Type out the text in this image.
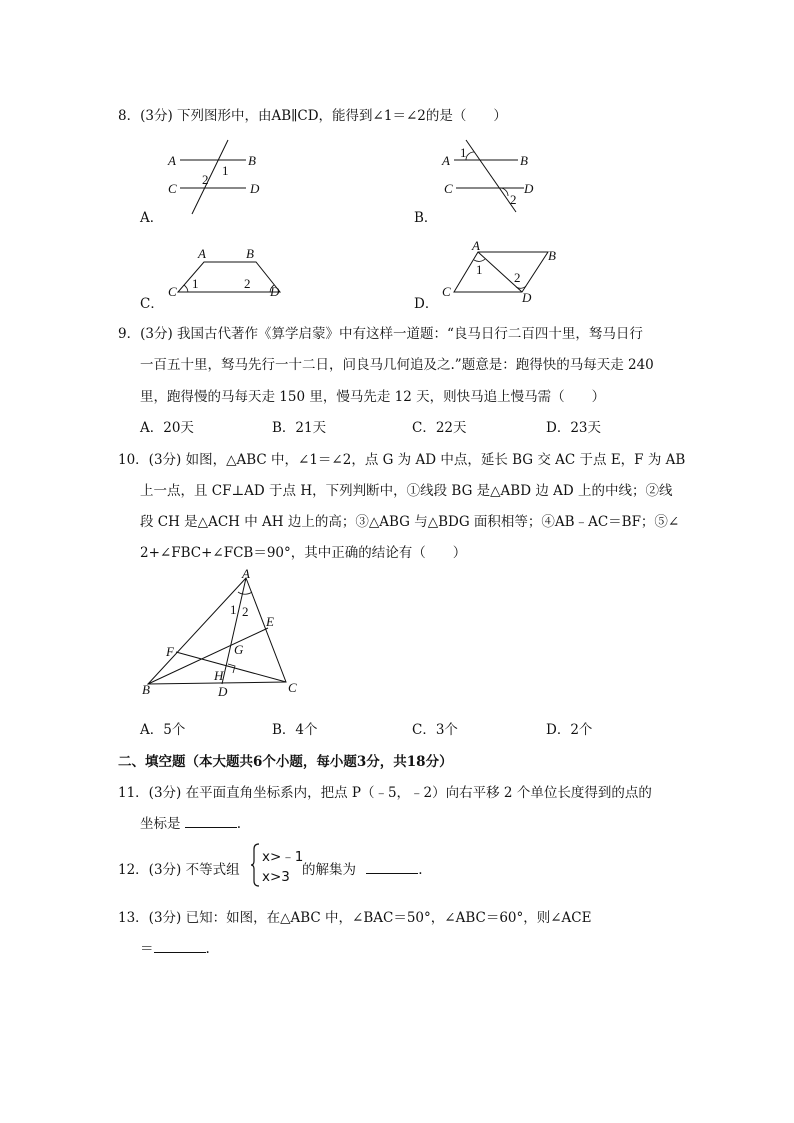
8．(3分) 下列图形中，由AB∥CD，能得到∠1＝∠2的是（　　）
A	B
C	D
1
2
A．
A	B
C	D
1
2
B．
A	B
C	D
1	2
C．
A
B
C	D
1
2
D．
9．(3分) 我国古代著作《算学启蒙》中有这样一道题：“良马日行二百四十里，驽马日行
一百五十里，驽马先行一十二日，问良马几何追及之.”题意是：跑得快的马每天走 240
里，跑得慢的马每天走 150 里，慢马先走 12 天，则快马追上慢马需（　　）
A．20天	B．21天	C．22天	D．23天
10．(3分) 如图，△ABC 中，∠1＝∠2，点 G 为 AD 中点，延长 BG 交 AC 于点 E，F 为 AB
上一点，且 CF⊥AD 于点 H，下列判断中，①线段 BG 是△ABD 边 AD 上的中线；②线
段 CH 是△ACH 中 AH 边上的高；③△ABG 与△BDG 面积相等；④AB﹣AC＝BF；⑤∠
2+∠FBC+∠FCB＝90°，其中正确的结论有（　　）
A
B	C
D
E
F	G
H
1 2
A．5个	B．4个	C．3个	D．2个
二、填空题（本大题共6个小题，每小题3分，共18分）
11．(3分) 在平面直角坐标系内，把点 P（﹣5，﹣2）向右平移 2 个单位长度得到的点的
坐标是	.
12．(3分) 不等式组
x>﹣1
x>3 的解集为	.
13．(3分) 已知：如图，在△ABC 中，∠BAC＝50°，∠ABC＝60°，则∠ACE
＝	.
